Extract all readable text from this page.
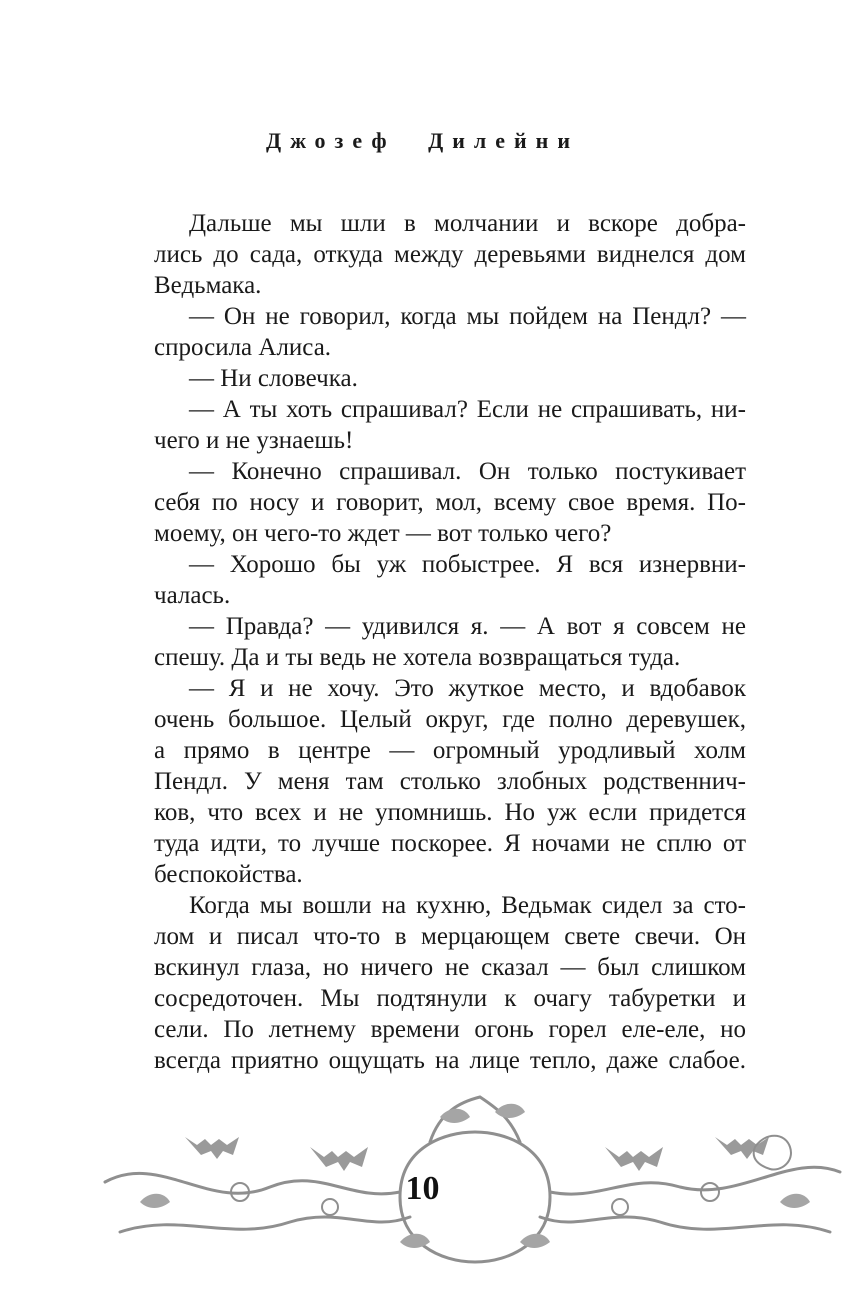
Джозеф Дилейни

Дальше мы шли в молчании и вскоре добра-
лись до сада, откуда между деревьями виднелся дом
Ведьмака.

— Он не говорил, когда мы пойдем на Пендл? —
спросила Алиса.

— Ни словечка.

— А ты хоть спрашивал? Если не спрашивать, ни-
чего и не узнаешь!

— Конечно спрашивал. Он только постукивает
себя по носу и говорит, мол, всему свое время. По-
моему, он чего-то ждет — вот только чего?

— Хорошо бы уж побыстрее. Я вся изнервни-
чалась.

— Правда? — удивился я. — А вот я совсем не
спешу. Да и ты ведь не хотела возвращаться туда.

— Я и не хочу. Это жуткое место, и вдобавок
очень большое. Целый округ, где полно деревушек,
а прямо в центре — огромный уродливый холм
Пендл. У меня там столько злобных родственнич-
ков, что всех и не упомнишь. Но уж если придется
туда идти, то лучше поскорее. Я ночами не сплю от
беспокойства.

Когда мы вошли на кухню, Ведьмак сидел за сто-
лом и писал что-то в мерцающем свете свечи. Он
вскинул глаза, но ничего не сказал — был слишком
сосредоточен. Мы подтянули к очагу табуретки и
сели. По летнему времени огонь горел еле-еле, но
всегда приятно ощущать на лице тепло, даже слабое.

10
